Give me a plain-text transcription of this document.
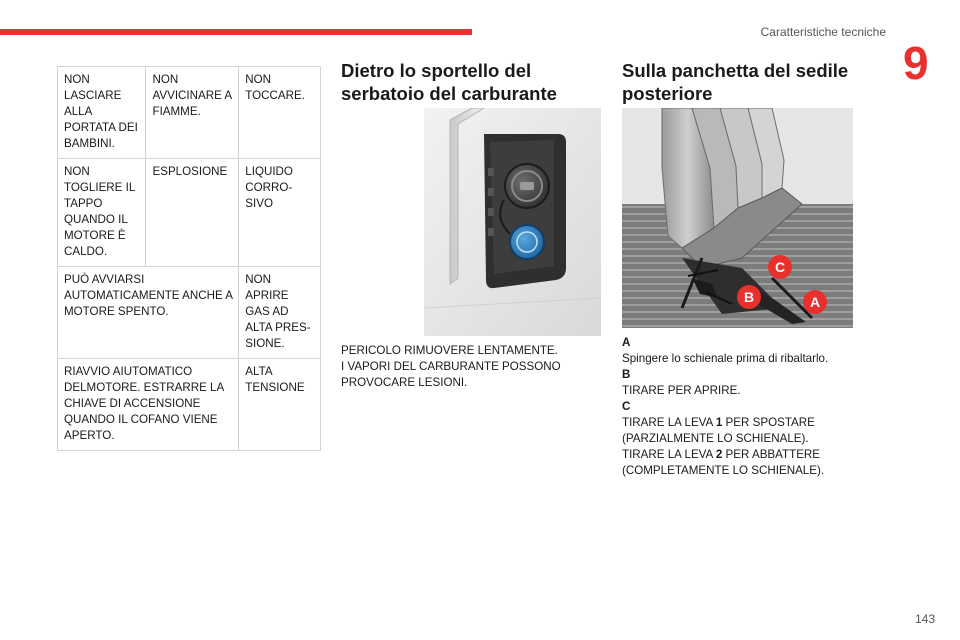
Caratteristiche tecniche
9
NON LASCIARE ALLA PORTATA DEI BAMBINI.	NON AVVICINARE A FIAMME.	NON TOCCARE.
NON TOGLIERE IL TAPPO QUANDO IL MOTORE È CALDO.	ESPLOSIONE	LIQUIDO CORRO-SIVO
PUÒ AVVIARSI AUTOMATICAMENTE ANCHE A MOTORE SPENTO.		NON APRIRE GAS AD ALTA PRES-SIONE.
RIAVVIO AIUTOMATICO DELMOTORE. ESTRARRE LA CHIAVE DI ACCENSIONE QUANDO IL COFANO VIENE APERTO.		ALTA TENSIONE
Dietro lo sportello del serbatoio del carburante
PERICOLO RIMUOVERE LENTAMENTE.
I VAPORI DEL CARBURANTE POSSONO PROVOCARE LESIONI.
Sulla panchetta del sedile posteriore
C
B	A
A
Spingere lo schienale prima di ribaltarlo.
B
TIRARE PER APRIRE.
C
TIRARE LA LEVA 1 PER SPOSTARE (PARZIALMENTE LO SCHIENALE).
TIRARE LA LEVA 2 PER ABBATTERE (COMPLETAMENTE LO SCHIENALE).
143
